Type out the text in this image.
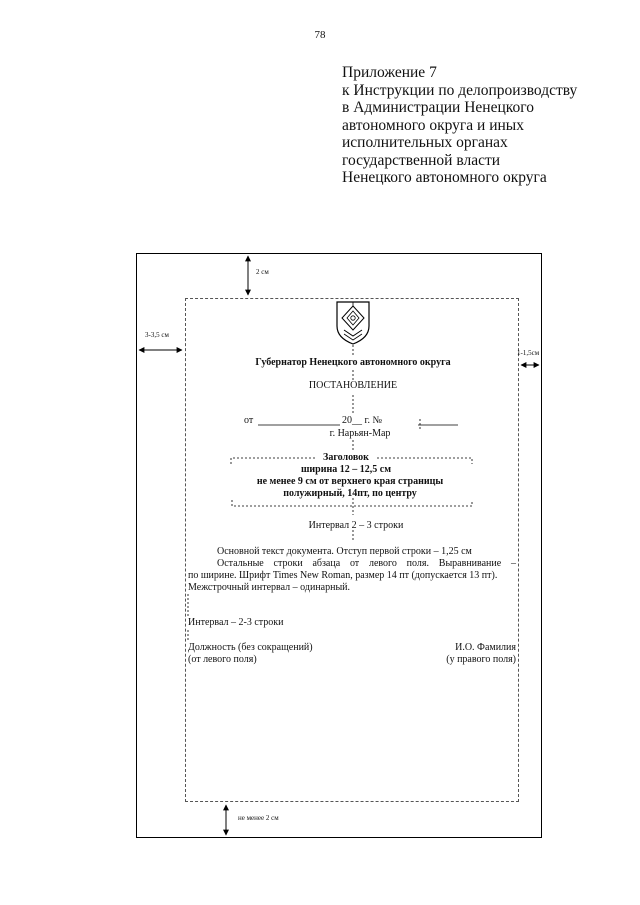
78
Приложение 7
к Инструкции по делопроизводству
в Администрации Ненецкого
автономного округа и иных
исполнительных органах
государственной власти
Ненецкого автономного округа
2 см
3-3,5 см
1-1,5см
не менее 2 см
Губернатор Ненецкого автономного округа
ПОСТАНОВЛЕНИЕ
от	20__ г. №
г. Нарьян-Мар
Заголовок
ширина 12 – 12,5 см
не менее 9 см от верхнего края страницы
полужирный, 14пт, по центру
Интервал 2 – 3 строки
Основной текст документа. Отступ первой строки – 1,25 см
Остальные строки абзаца от левого поля. Выравнивание –
по ширине. Шрифт Times New Roman, размер 14 пт (допускается 13 пт).
Межстрочный интервал – одинарный.
Интервал – 2-3 строки
Должность (без сокращений)
(от левого поля)
И.О. Фамилия
(у правого поля)
